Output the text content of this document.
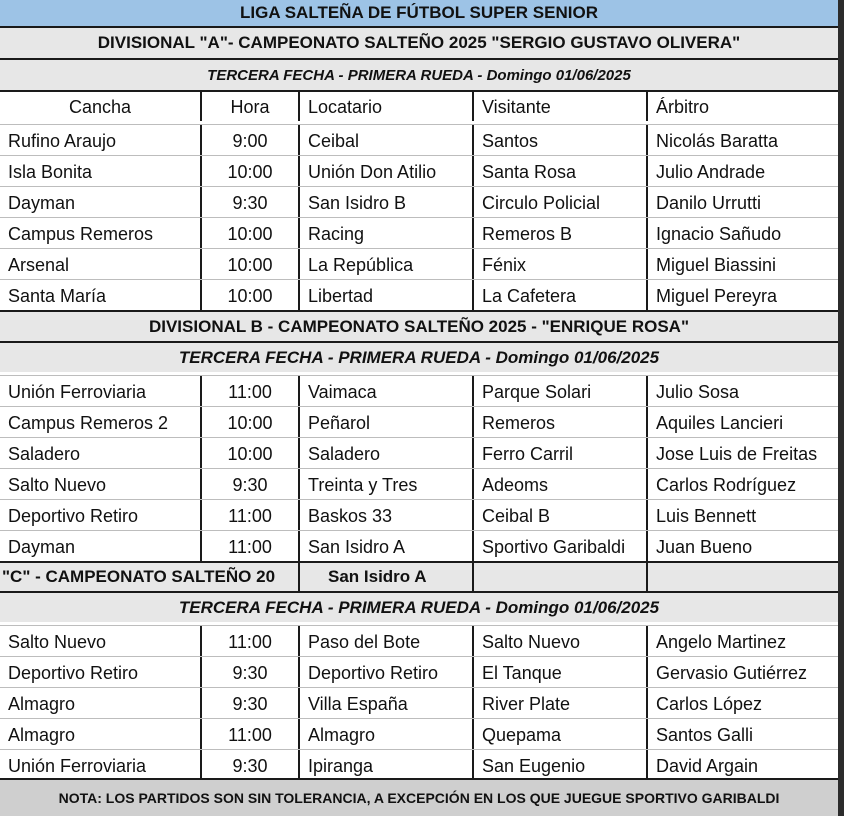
LIGA SALTEÑA DE FÚTBOL SUPER SENIOR
DIVISIONAL "A"- CAMPEONATO SALTEÑO 2025 "SERGIO GUSTAVO OLIVERA"
TERCERA FECHA - PRIMERA RUEDA - Domingo 01/06/2025
Cancha	Hora	Locatario	Visitante	Árbitro
Rufino Araujo	9:00	Ceibal	Santos	Nicolás Baratta
Isla Bonita	10:00	Unión Don Atilio	Santa Rosa	Julio Andrade
Dayman	9:30	San Isidro B	Circulo Policial	Danilo Urrutti
Campus Remeros	10:00	Racing	Remeros B	Ignacio Sañudo
Arsenal	10:00	La República	Fénix	Miguel Biassini
Santa María	10:00	Libertad	La Cafetera	Miguel Pereyra
DIVISIONAL B - CAMPEONATO SALTEÑO 2025 - "ENRIQUE ROSA"
TERCERA FECHA - PRIMERA RUEDA - Domingo 01/06/2025
Unión Ferroviaria	11:00	Vaimaca	Parque Solari	Julio Sosa
Campus Remeros 2	10:00	Peñarol	Remeros	Aquiles Lancieri
Saladero	10:00	Saladero	Ferro Carril	Jose Luis de Freitas
Salto Nuevo	9:30	Treinta y Tres	Adeoms	Carlos Rodríguez
Deportivo Retiro	11:00	Baskos 33	Ceibal B	Luis Bennett
Dayman	11:00	San Isidro A	Sportivo Garibaldi	Juan Bueno
"C" - CAMPEONATO SALTEÑO 20	San Isidro A
TERCERA FECHA - PRIMERA RUEDA - Domingo 01/06/2025
Salto Nuevo	11:00	Paso del Bote	Salto Nuevo	Angelo Martinez
Deportivo Retiro	9:30	Deportivo Retiro	El Tanque	Gervasio Gutiérrez
Almagro	9:30	Villa España	River Plate	Carlos López
Almagro	11:00	Almagro	Quepama	Santos Galli
Unión Ferroviaria	9:30	Ipiranga	San Eugenio	David Argain
NOTA: LOS PARTIDOS SON SIN TOLERANCIA, A EXCEPCIÓN EN LOS QUE JUEGUE SPORTIVO GARIBALDI
